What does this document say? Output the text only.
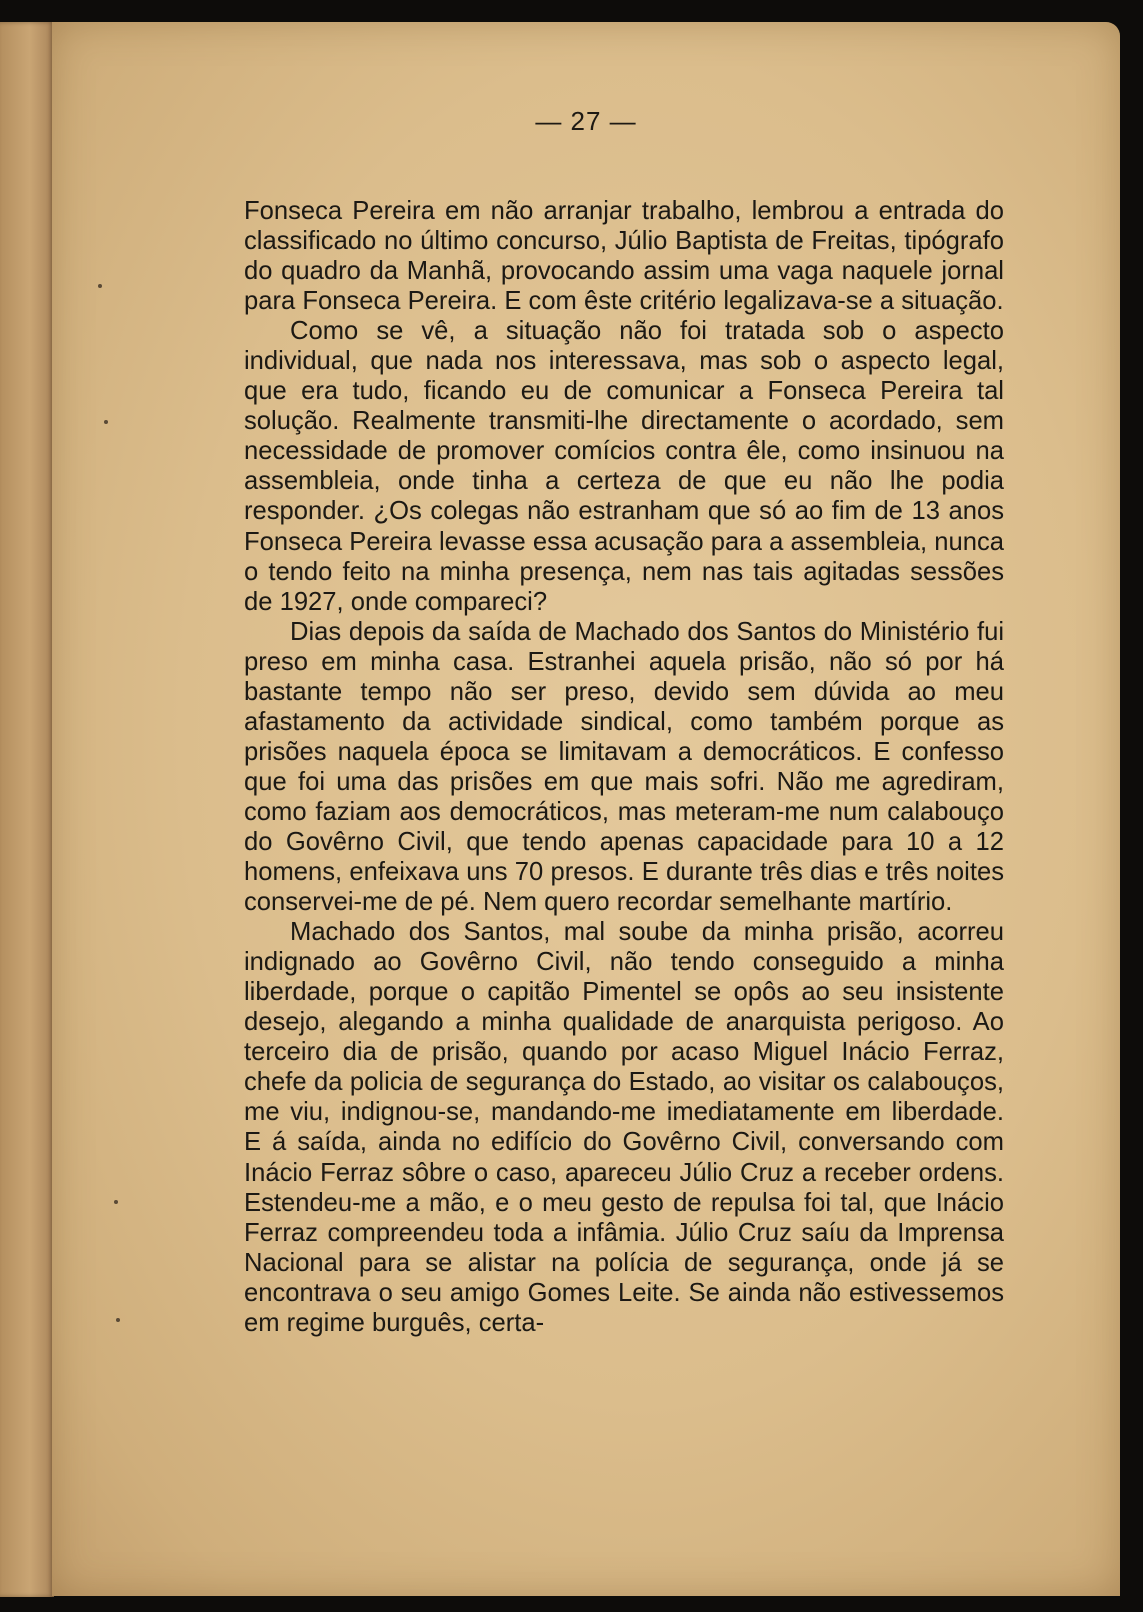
— 27 —

Fonseca Pereira em não arranjar trabalho, lembrou a entrada do classificado no último concurso, Júlio Baptista de Freitas, tipógrafo do quadro da Manhã, provocando assim uma vaga naquele jornal para Fonseca Pereira. E com êste critério legalizava-se a situação.

Como se vê, a situação não foi tratada sob o aspecto individual, que nada nos interessava, mas sob o aspecto legal, que era tudo, ficando eu de comunicar a Fonseca Pereira tal solução. Realmente transmiti-lhe directamente o acordado, sem necessidade de promover comícios contra êle, como insinuou na assembleia, onde tinha a certeza de que eu não lhe podia responder. ¿Os colegas não estranham que só ao fim de 13 anos Fonseca Pereira levasse essa acusação para a assembleia, nunca o tendo feito na minha presença, nem nas tais agitadas sessões de 1927, onde compareci?

Dias depois da saída de Machado dos Santos do Ministério fui preso em minha casa. Estranhei aquela prisão, não só por há bastante tempo não ser preso, devido sem dúvida ao meu afastamento da actividade sindical, como também porque as prisões naquela época se limitavam a democráticos. E confesso que foi uma das prisões em que mais sofri. Não me agrediram, como faziam aos democráticos, mas meteram-me num calabouço do Govêrno Civil, que tendo apenas capacidade para 10 a 12 homens, enfeixava uns 70 presos. E durante três dias e três noites conservei-me de pé. Nem quero recordar semelhante martírio.

Machado dos Santos, mal soube da minha prisão, acorreu indignado ao Govêrno Civil, não tendo conseguido a minha liberdade, porque o capitão Pimentel se opôs ao seu insistente desejo, alegando a minha qualidade de anarquista perigoso. Ao terceiro dia de prisão, quando por acaso Miguel Inácio Ferraz, chefe da policia de segurança do Estado, ao visitar os calabouços, me viu, indignou-se, mandando-me imediatamente em liberdade. E á saída, ainda no edifício do Govêrno Civil, conversando com Inácio Ferraz sôbre o caso, apareceu Júlio Cruz a receber ordens. Estendeu-me a mão, e o meu gesto de repulsa foi tal, que Inácio Ferraz compreendeu toda a infâmia. Júlio Cruz saíu da Imprensa Nacional para se alistar na polícia de segurança, onde já se encontrava o seu amigo Gomes Leite. Se ainda não estivessemos em regime burguês, certa-
